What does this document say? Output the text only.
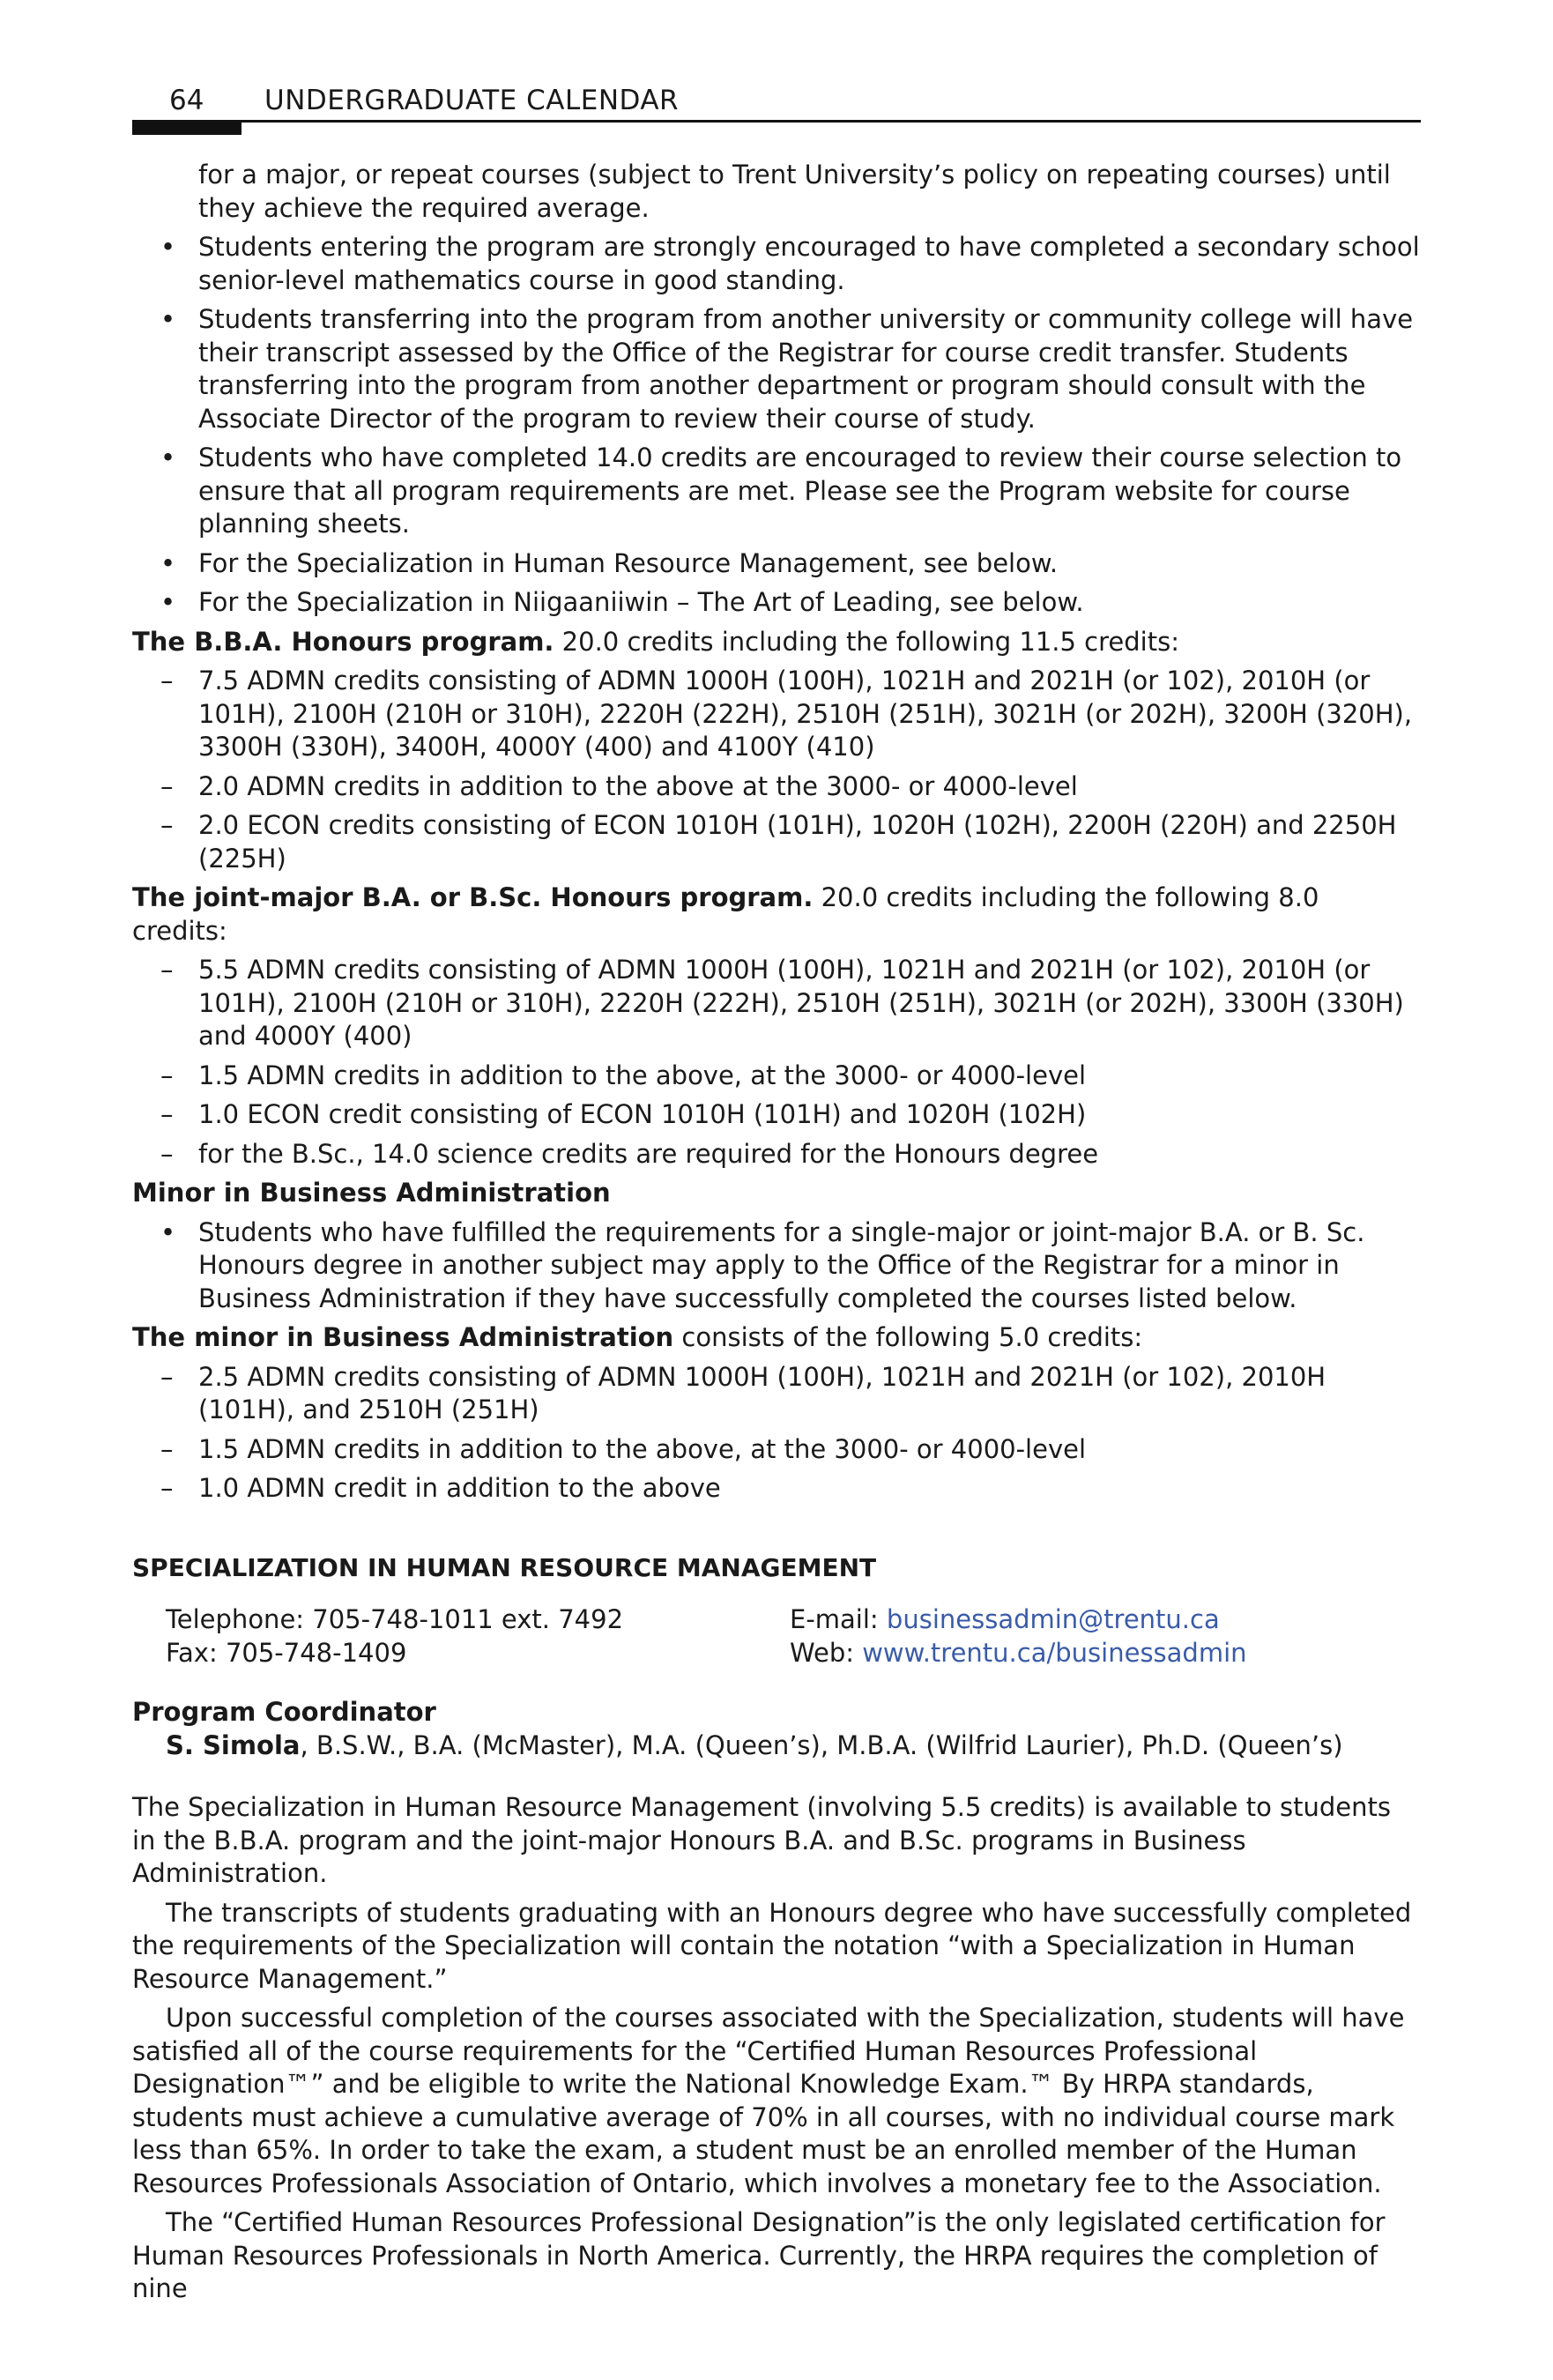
64 UNDERGRADUATE CALENDAR

for a major, or repeat courses (subject to Trent University’s policy on repeating courses) until they achieve the required average.

• Students entering the program are strongly encouraged to have completed a secondary school senior-level mathematics course in good standing.
• Students transferring into the program from another university or community college will have their transcript assessed by the Office of the Registrar for course credit transfer. Students transferring into the program from another department or program should consult with the Associate Director of the program to review their course of study.
• Students who have completed 14.0 credits are encouraged to review their course selection to ensure that all program requirements are met. Please see the Program website for course planning sheets.
• For the Specialization in Human Resource Management, see below.
• For the Specialization in Niigaaniiwin – The Art of Leading, see below.

The B.B.A. Honours program. 20.0 credits including the following 11.5 credits:

– 7.5 ADMN credits consisting of ADMN 1000H (100H), 1021H and 2021H (or 102), 2010H (or 101H), 2100H (210H or 310H), 2220H (222H), 2510H (251H), 3021H (or 202H), 3200H (320H), 3300H (330H), 3400H, 4000Y (400) and 4100Y (410)
– 2.0 ADMN credits in addition to the above at the 3000- or 4000-level
– 2.0 ECON credits consisting of ECON 1010H (101H), 1020H (102H), 2200H (220H) and 2250H (225H)

The joint-major B.A. or B.Sc. Honours program. 20.0 credits including the following 8.0 credits:

– 5.5 ADMN credits consisting of ADMN 1000H (100H), 1021H and 2021H (or 102), 2010H (or 101H), 2100H (210H or 310H), 2220H (222H), 2510H (251H), 3021H (or 202H), 3300H (330H) and 4000Y (400)
– 1.5 ADMN credits in addition to the above, at the 3000- or 4000-level
– 1.0 ECON credit consisting of ECON 1010H (101H) and 1020H (102H)
– for the B.Sc., 14.0 science credits are required for the Honours degree

Minor in Business Administration

• Students who have fulfilled the requirements for a single-major or joint-major B.A. or B. Sc. Honours degree in another subject may apply to the Office of the Registrar for a minor in Business Administration if they have successfully completed the courses listed below.

The minor in Business Administration consists of the following 5.0 credits:

– 2.5 ADMN credits consisting of ADMN 1000H (100H), 1021H and 2021H (or 102), 2010H (101H), and 2510H (251H)
– 1.5 ADMN credits in addition to the above, at the 3000- or 4000-level
– 1.0 ADMN credit in addition to the above

SPECIALIZATION IN HUMAN RESOURCE MANAGEMENT

Telephone: 705-748-1011 ext. 7492
Fax: 705-748-1409
E-mail: businessadmin@trentu.ca
Web: www.trentu.ca/businessadmin

Program Coordinator

S. Simola, B.S.W., B.A. (McMaster), M.A. (Queen’s), M.B.A. (Wilfrid Laurier), Ph.D. (Queen’s)

The Specialization in Human Resource Management (involving 5.5 credits) is available to students in the B.B.A. program and the joint-major Honours B.A. and B.Sc. programs in Business Administration.

The transcripts of students graduating with an Honours degree who have successfully completed the requirements of the Specialization will contain the notation “with a Specialization in Human Resource Management.”

Upon successful completion of the courses associated with the Specialization, students will have satisfied all of the course requirements for the “Certified Human Resources Professional Designation™” and be eligible to write the National Knowledge Exam.™ By HRPA standards, students must achieve a cumulative average of 70% in all courses, with no individual course mark less than 65%. In order to take the exam, a student must be an enrolled member of the Human Resources Professionals Association of Ontario, which involves a monetary fee to the Association.

The “Certified Human Resources Professional Designation”is the only legislated certification for Human Resources Professionals in North America. Currently, the HRPA requires the completion of nine
